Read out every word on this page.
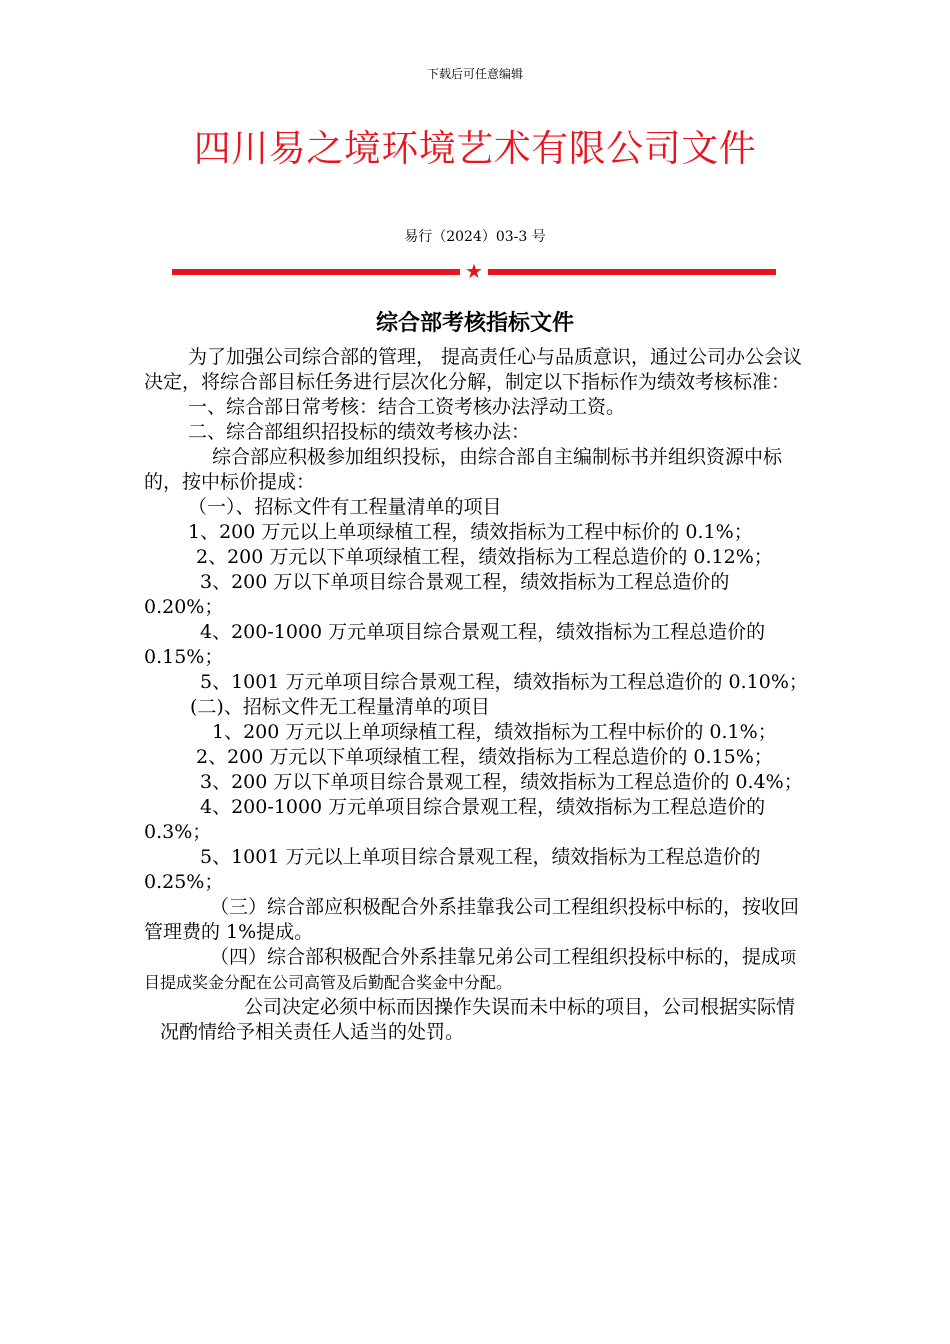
下载后可任意编辑
四川易之境环境艺术有限公司文件
易行（2024）03-3 号
★
综合部考核指标文件

为了加强公司综合部的管理， 提高责任心与品质意识，通过公司办公会议决定，将综合部目标任务进行层次化分解，制定以下指标作为绩效考核标准：

一、综合部日常考核：结合工资考核办法浮动工资。

二、综合部组织招投标的绩效考核办法：

综合部应积极参加组织投标，由综合部自主编制标书并组织资源中标的，按中标价提成：

（一）、招标文件有工程量清单的项目

1、200 万元以上单项绿植工程，绩效指标为工程中标价的 0.1%；

2、200 万元以下单项绿植工程，绩效指标为工程总造价的 0.12%；

3、200 万以下单项目综合景观工程，绩效指标为工程总造价的 0.20%；

4、200-1000 万元单项目综合景观工程，绩效指标为工程总造价的 0.15%；

5、1001 万元单项目综合景观工程，绩效指标为工程总造价的 0.10%；

(二)、招标文件无工程量清单的项目

1、200 万元以上单项绿植工程，绩效指标为工程中标价的 0.1%；

2、200 万元以下单项绿植工程，绩效指标为工程总造价的 0.15%；

3、200 万以下单项目综合景观工程，绩效指标为工程总造价的 0.4%；

4、200-1000 万元单项目综合景观工程，绩效指标为工程总造价的 0.3%；

5、1001 万元以上单项目综合景观工程，绩效指标为工程总造价的 0.25%；

（三）综合部应积极配合外系挂靠我公司工程组织投标中标的，按收回管理费的 1%提成。

（四）综合部积极配合外系挂靠兄弟公司工程组织投标中标的，提成项目提成奖金分配在公司高管及后勤配合奖金中分配。

公司决定必须中标而因操作失误而未中标的项目，公司根据实际情况酌情给予相关责任人适当的处罚。
